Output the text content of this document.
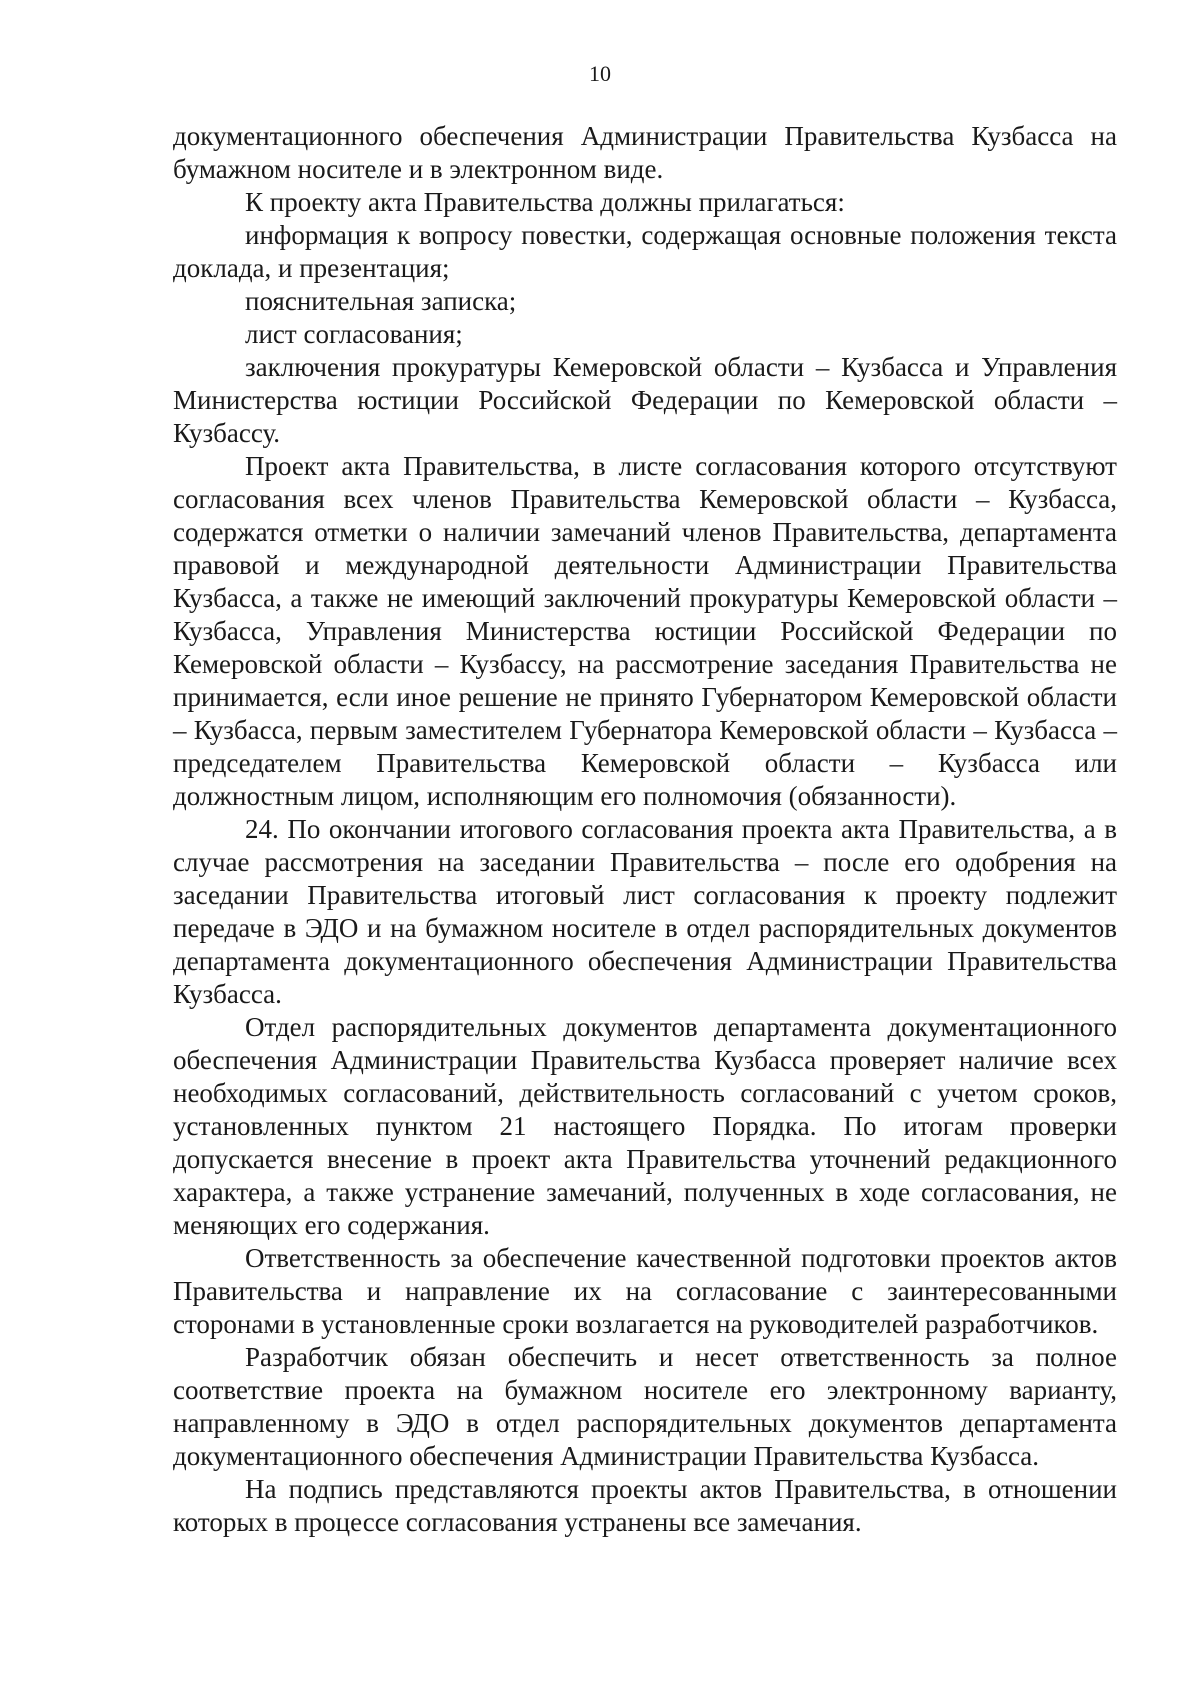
10

документационного обеспечения Администрации Правительства Кузбасса на бумажном носителе и в электронном виде.

К проекту акта Правительства должны прилагаться:

информация к вопросу повестки, содержащая основные положения текста доклада, и презентация;

пояснительная записка;

лист согласования;

заключения прокуратуры Кемеровской области – Кузбасса и Управления Министерства юстиции Российской Федерации по Кемеровской области – Кузбассу.

Проект акта Правительства, в листе согласования которого отсутствуют согласования всех членов Правительства Кемеровской области – Кузбасса, содержатся отметки о наличии замечаний членов Правительства, департамента правовой и международной деятельности Администрации Правительства Кузбасса, а также не имеющий заключений прокуратуры Кемеровской области – Кузбасса, Управления Министерства юстиции Российской Федерации по Кемеровской области – Кузбассу, на рассмотрение заседания Правительства не принимается, если иное решение не принято Губернатором Кемеровской области – Кузбасса, первым заместителем Губернатора Кемеровской области – Кузбасса – председателем Правительства Кемеровской области – Кузбасса или должностным лицом, исполняющим его полномочия (обязанности).

24. По окончании итогового согласования проекта акта Правительства, а в случае рассмотрения на заседании Правительства – после его одобрения на заседании Правительства итоговый лист согласования к проекту подлежит передаче в ЭДО и на бумажном носителе в отдел распорядительных документов департамента документационного обеспечения Администрации Правительства Кузбасса.

Отдел распорядительных документов департамента документационного обеспечения Администрации Правительства Кузбасса проверяет наличие всех необходимых согласований, действительность согласований с учетом сроков, установленных пунктом 21 настоящего Порядка. По итогам проверки допускается внесение в проект акта Правительства уточнений редакционного характера, а также устранение замечаний, полученных в ходе согласования, не меняющих его содержания.

Ответственность за обеспечение качественной подготовки проектов актов Правительства и направление их на согласование с заинтересованными сторонами в установленные сроки возлагается на руководителей разработчиков.

Разработчик обязан обеспечить и несет ответственность за полное соответствие проекта на бумажном носителе его электронному варианту, направленному в ЭДО в отдел распорядительных документов департамента документационного обеспечения Администрации Правительства Кузбасса.

На подпись представляются проекты актов Правительства, в отношении которых в процессе согласования устранены все замечания.
